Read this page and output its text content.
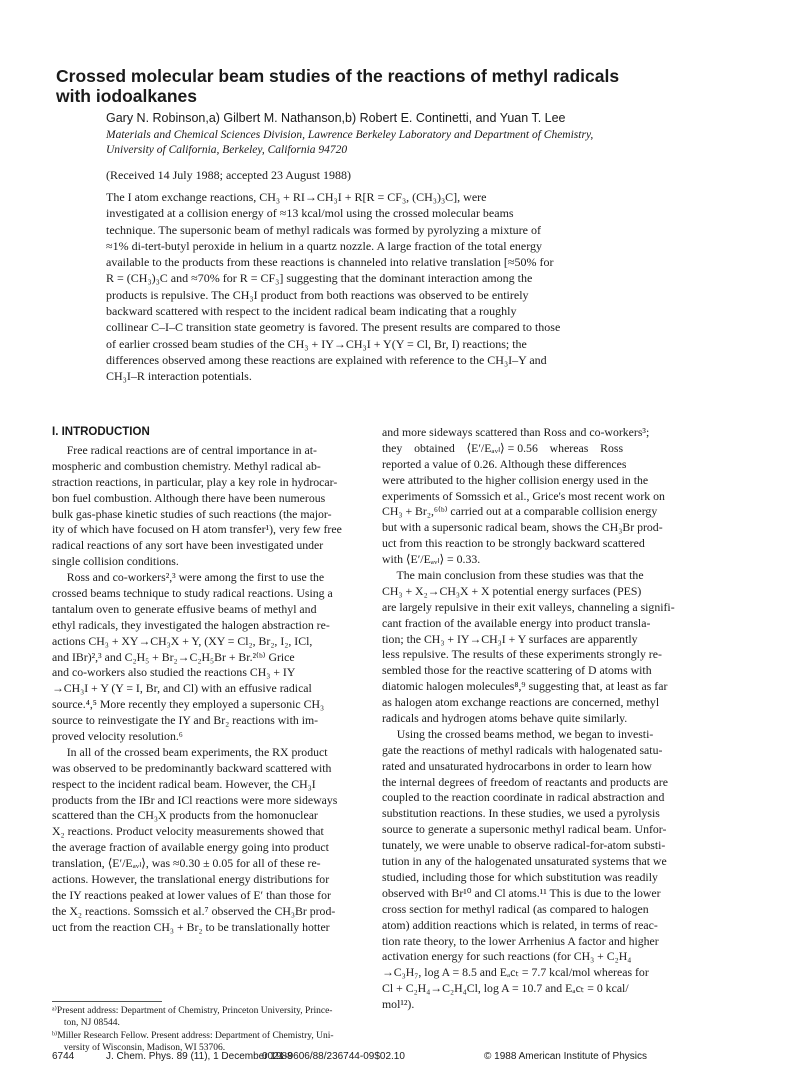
Crossed molecular beam studies of the reactions of methyl radicals
with iodoalkanes
Gary N. Robinson,a) Gilbert M. Nathanson,b) Robert E. Continetti, and Yuan T. Lee
Materials and Chemical Sciences Division, Lawrence Berkeley Laboratory and Department of Chemistry,
University of California, Berkeley, California 94720
(Received 14 July 1988; accepted 23 August 1988)
The I atom exchange reactions, CH₃ + RI→CH₃I + R[R = CF₃, (CH₃)₃C], were
investigated at a collision energy of ≈13 kcal/mol using the crossed molecular beams
technique. The supersonic beam of methyl radicals was formed by pyrolyzing a mixture of
≈1% di-tert-butyl peroxide in helium in a quartz nozzle. A large fraction of the total energy
available to the products from these reactions is channeled into relative translation [≈50% for
R = (CH₃)₃C and ≈70% for R = CF₃] suggesting that the dominant interaction among the
products is repulsive. The CH₃I product from both reactions was observed to be entirely
backward scattered with respect to the incident radical beam indicating that a roughly
collinear C–I–C transition state geometry is favored. The present results are compared to those
of earlier crossed beam studies of the CH₃ + IY→CH₃I + Y(Y = Cl, Br, I) reactions; the
differences observed among these reactions are explained with reference to the CH₃I–Y and
CH₃I–R interaction potentials.
I. INTRODUCTION

Free radical reactions are of central importance in at-
mospheric and combustion chemistry. Methyl radical ab-
straction reactions, in particular, play a key role in hydrocar-
bon fuel combustion. Although there have been numerous
bulk gas-phase kinetic studies of such reactions (the major-
ity of which have focused on H atom transfer¹), very few free
radical reactions of any sort have been investigated under
single collision conditions.

Ross and co-workers²,³ were among the first to use the
crossed beams technique to study radical reactions. Using a
tantalum oven to generate effusive beams of methyl and
ethyl radicals, they investigated the halogen abstraction re-
actions CH₃ + XY→CH₃X + Y, (XY = Cl₂, Br₂, I₂, ICl,
and IBr)²,³ and C₂H₅ + Br₂→C₂H₅Br + Br.²⁽ᵇ⁾ Grice
and co-workers also studied the reactions CH₃ + IY
→CH₃I + Y (Y = I, Br, and Cl) with an effusive radical
source.⁴,⁵ More recently they employed a supersonic CH₃
source to reinvestigate the IY and Br₂ reactions with im-
proved velocity resolution.⁶

In all of the crossed beam experiments, the RX product
was observed to be predominantly backward scattered with
respect to the incident radical beam. However, the CH₃I
products from the IBr and ICl reactions were more sideways
scattered than the CH₃X products from the homonuclear
X₂ reactions. Product velocity measurements showed that
the average fraction of available energy going into product
translation, ⟨E′/Eₐᵥₗ⟩, was ≈0.30 ± 0.05 for all of these re-
actions. However, the translational energy distributions for
the IY reactions peaked at lower values of E′ than those for
the X₂ reactions. Somssich et al.⁷ observed the CH₃Br prod-
uct from the reaction CH₃ + Br₂ to be translationally hotter

and more sideways scattered than Ross and co-workers³;
they    obtained    ⟨E′/Eₐᵥₗ⟩ = 0.56    whereas    Ross
reported a value of 0.26. Although these differences
were attributed to the higher collision energy used in the
experiments of Somssich et al., Grice's most recent work on
CH₃ + Br₂,⁶⁽ᵇ⁾ carried out at a comparable collision energy
but with a supersonic radical beam, shows the CH₃Br prod-
uct from this reaction to be strongly backward scattered
with ⟨E′/Eₐᵥₗ⟩ = 0.33.

The main conclusion from these studies was that the
CH₃ + X₂→CH₃X + X potential energy surfaces (PES)
are largely repulsive in their exit valleys, channeling a signifi-
cant fraction of the available energy into product transla-
tion; the CH₃ + IY→CH₃I + Y surfaces are apparently
less repulsive. The results of these experiments strongly re-
sembled those for the reactive scattering of D atoms with
diatomic halogen molecules⁸,⁹ suggesting that, at least as far
as halogen atom exchange reactions are concerned, methyl
radicals and hydrogen atoms behave quite similarly.

Using the crossed beams method, we began to investi-
gate the reactions of methyl radicals with halogenated satu-
rated and unsaturated hydrocarbons in order to learn how
the internal degrees of freedom of reactants and products are
coupled to the reaction coordinate in radical abstraction and
substitution reactions. In these studies, we used a pyrolysis
source to generate a supersonic methyl radical beam. Unfor-
tunately, we were unable to observe radical-for-atom substi-
tution in any of the halogenated unsaturated systems that we
studied, including those for which substitution was readily
observed with Br¹⁰ and Cl atoms.¹¹ This is due to the lower
cross section for methyl radical (as compared to halogen
atom) addition reactions which is related, in terms of reac-
tion rate theory, to the lower Arrhenius A factor and higher
activation energy for such reactions (for CH₃ + C₂H₄
→C₃H₇, log A = 8.5 and Eₐcₜ = 7.7 kcal/mol whereas for
Cl + C₂H₄→C₂H₄Cl, log A = 10.7 and Eₐcₜ = 0 kcal/
mol¹²).

ᵃ⁾Present address: Department of Chemistry, Princeton University, Prince-
ton, NJ 08544.
ᵇ⁾Miller Research Fellow. Present address: Department of Chemistry, Uni-
versity of Wisconsin, Madison, WI 53706.
6744	J. Chem. Phys. 89 (11), 1 December 1988
0021-9606/88/236744-09$02.10	© 1988 American Institute of Physics
